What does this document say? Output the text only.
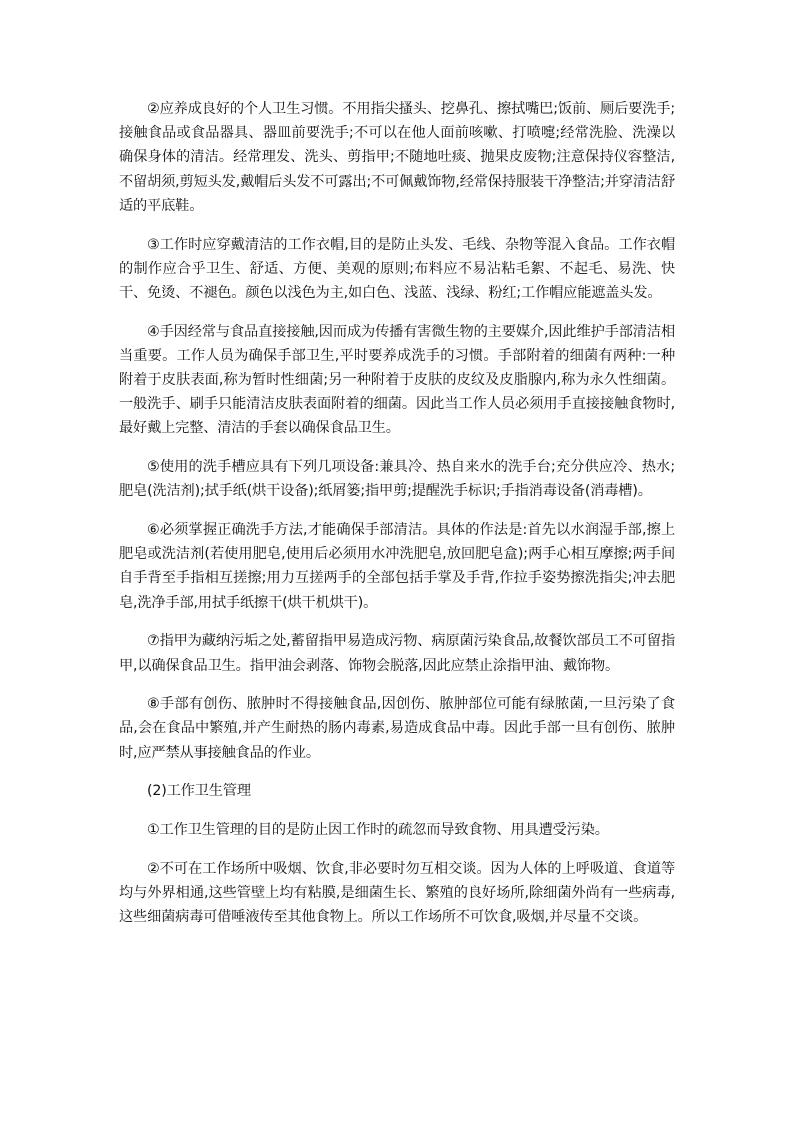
②应养成良好的个人卫生习惯。不用指尖搔头、挖鼻孔、擦拭嘴巴;饭前、厕后要洗手;接触食品或食品器具、器皿前要洗手;不可以在他人面前咳嗽、打喷嚏;经常洗脸、洗澡以确保身体的清洁。经常理发、洗头、剪指甲;不随地吐痰、抛果皮废物;注意保持仪容整洁,不留胡须,剪短头发,戴帽后头发不可露出;不可佩戴饰物,经常保持服装干净整洁;并穿清洁舒适的平底鞋。

③工作时应穿戴清洁的工作衣帽,目的是防止头发、毛线、杂物等混入食品。工作衣帽的制作应合乎卫生、舒适、方便、美观的原则;布料应不易沾粘毛絮、不起毛、易洗、快干、免烫、不褪色。颜色以浅色为主,如白色、浅蓝、浅绿、粉红;工作帽应能遮盖头发。

④手因经常与食品直接接触,因而成为传播有害微生物的主要媒介,因此维护手部清洁相当重要。工作人员为确保手部卫生,平时要养成洗手的习惯。手部附着的细菌有两种:一种附着于皮肤表面,称为暂时性细菌;另一种附着于皮肤的皮纹及皮脂腺内,称为永久性细菌。一般洗手、刷手只能清洁皮肤表面附着的细菌。因此当工作人员必须用手直接接触食物时,最好戴上完整、清洁的手套以确保食品卫生。

⑤使用的洗手槽应具有下列几项设备:兼具冷、热自来水的洗手台;充分供应冷、热水;肥皂(洗洁剂);拭手纸(烘干设备);纸屑篓;指甲剪;提醒洗手标识;手指消毒设备(消毒槽)。

⑥必须掌握正确洗手方法,才能确保手部清洁。具体的作法是:首先以水润湿手部,擦上肥皂或洗洁剂(若使用肥皂,使用后必须用水冲洗肥皂,放回肥皂盒);两手心相互摩擦;两手间自手背至手指相互搓擦;用力互搓两手的全部包括手掌及手背,作拉手姿势擦洗指尖;冲去肥皂,洗净手部,用拭手纸擦干(烘干机烘干)。

⑦指甲为藏纳污垢之处,蓄留指甲易造成污物、病原菌污染食品,故餐饮部员工不可留指甲,以确保食品卫生。指甲油会剥落、饰物会脱落,因此应禁止涂指甲油、戴饰物。

⑧手部有创伤、脓肿时不得接触食品,因创伤、脓肿部位可能有绿脓菌,一旦污染了食品,会在食品中繁殖,并产生耐热的肠内毒素,易造成食品中毒。因此手部一旦有创伤、脓肿时,应严禁从事接触食品的作业。

(2)工作卫生管理

①工作卫生管理的目的是防止因工作时的疏忽而导致食物、用具遭受污染。

②不可在工作场所中吸烟、饮食,非必要时勿互相交谈。因为人体的上呼吸道、食道等均与外界相通,这些管壁上均有粘膜,是细菌生长、繁殖的良好场所,除细菌外尚有一些病毒,这些细菌病毒可借唾液传至其他食物上。所以工作场所不可饮食,吸烟,并尽量不交谈。
